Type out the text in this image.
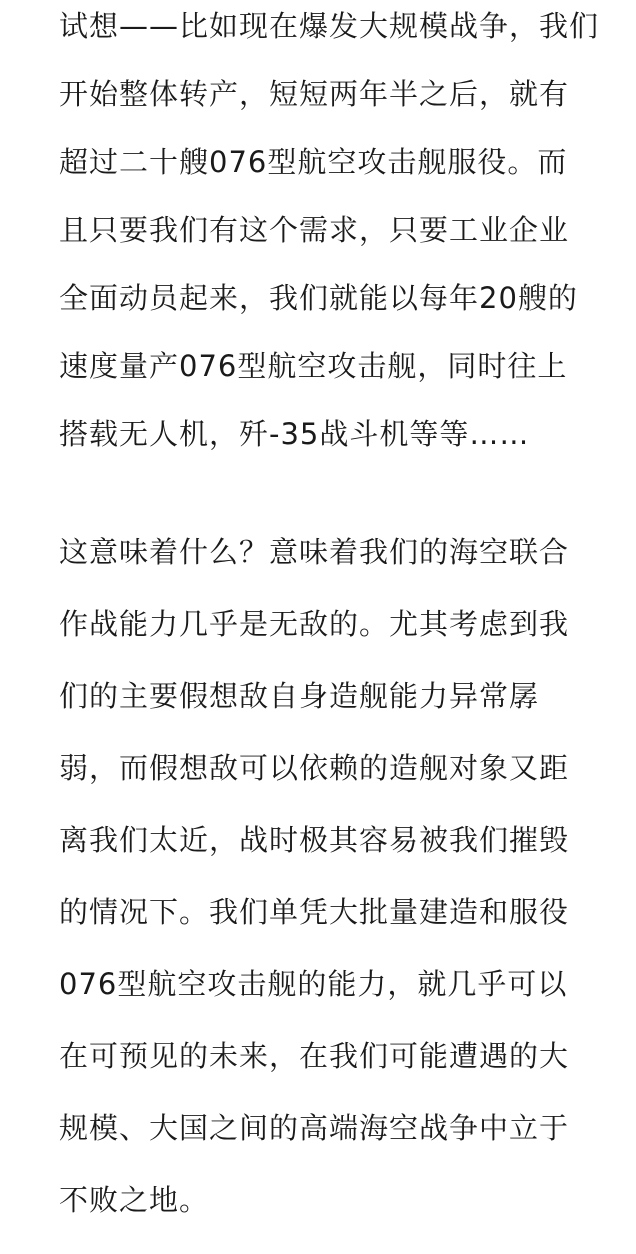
试想——比如现在爆发大规模战争，我们
开始整体转产，短短两年半之后，就有
超过二十艘076型航空攻击舰服役。而
且只要我们有这个需求，只要工业企业
全面动员起来，我们就能以每年20艘的
速度量产076型航空攻击舰，同时往上
搭载无人机，歼-35战斗机等等……
这意味着什么？意味着我们的海空联合
作战能力几乎是无敌的。尤其考虑到我
们的主要假想敌自身造舰能力异常孱
弱，而假想敌可以依赖的造舰对象又距
离我们太近，战时极其容易被我们摧毁
的情况下。我们单凭大批量建造和服役
076型航空攻击舰的能力，就几乎可以
在可预见的未来，在我们可能遭遇的大
规模、大国之间的高端海空战争中立于
不败之地。
